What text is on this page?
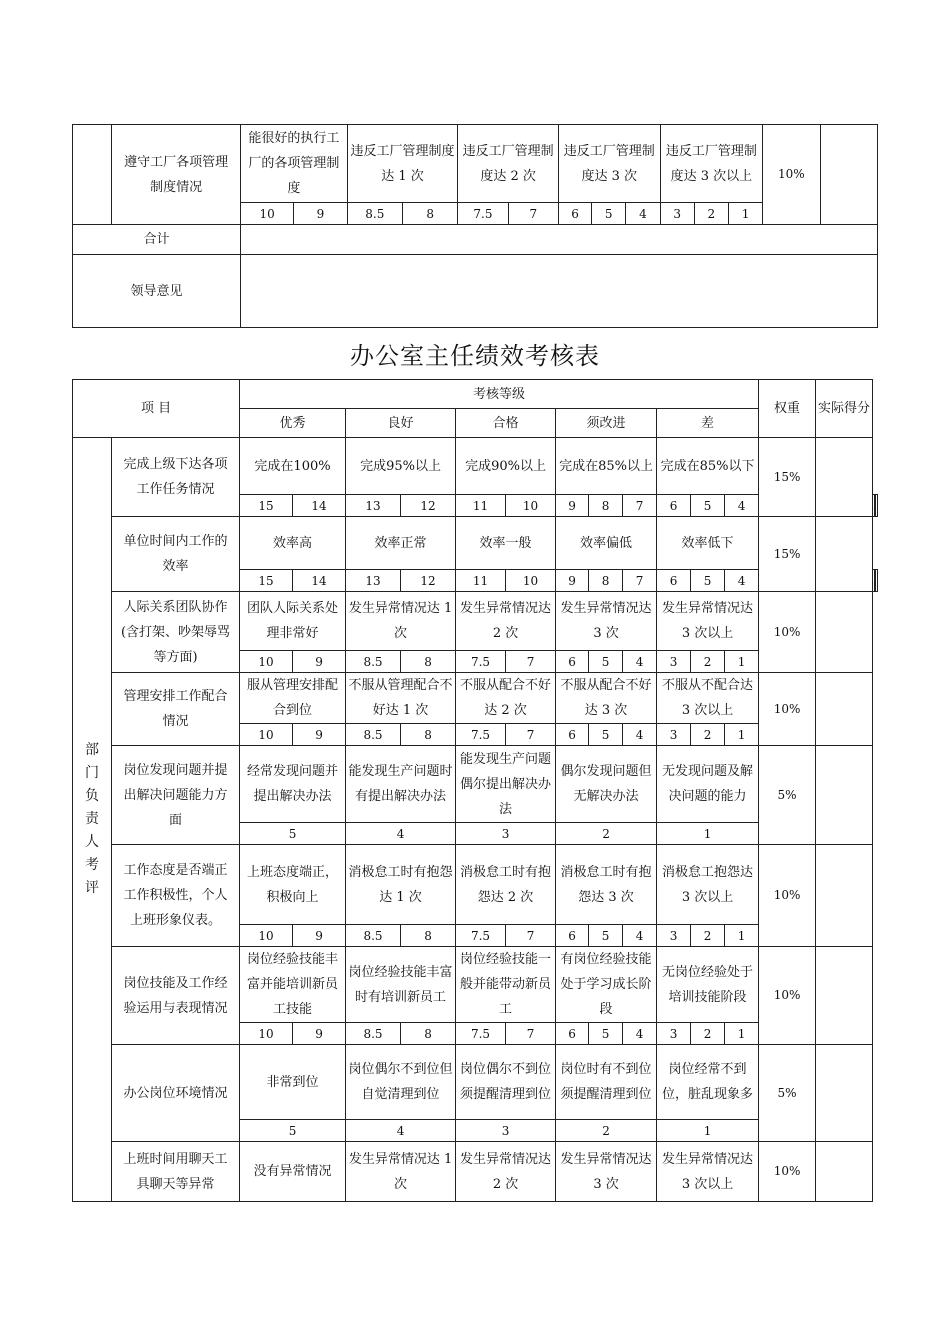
	遵守工厂各项管理制度情况	能很好的执行工厂的各项管理制度		违反工厂管理制度达 1 次		违反工厂管理制度达 2 次		违反工厂管理制度达 3 次			违反工厂管理制度达 3 次以上			10%	
		10	9	8.5	8	7.5	7	6	5	4	3	2	1		
合计															
领导意见															
办公室主任绩效考核表
项 目		考核等级												权重	实际得分		
		优秀		良好		合格		须改进			差						
部门负责人考评	完成上级下达各项工作任务情况	完成在100%		完成95%以上		完成90%以上		完成在85%以上			完成在85%以下			15%			
		15	14	13	12	11	10	9	8	7	6	5	4			
	单位时间内工作的效率	效率高		效率正常		效率一般		效率偏低			效率低下			15%			
		15	14	13	12	11	10	9	8	7	6	5	4			
	人际关系团队协作(含打架、吵架辱骂等方面)	团队人际关系处理非常好		发生异常情况达 1 次		发生异常情况达 2 次		发生异常情况达 3 次			发生异常情况达 3 次以上			10%			
		10	9	8.5	8	7.5	7	6	5	4	3	2	1				
	管理安排工作配合情况	服从管理安排配合到位		不服从管理配合不好达 1 次		不服从配合不好达 2 次		不服从配合不好达 3 次			不服从不配合达 3 次以上			10%			
		10	9	8.5	8	7.5	7	6	5	4	3	2	1				
	岗位发现问题并提出解决问题能力方面	经常发现问题并提出解决办法		能发现生产问题时有提出解决办法		能发现生产问题偶尔提出解决办法		偶尔发现问题但无解决办法			无发现问题及解决问题的能力			5%			
		5		4		3		2			1						
	工作态度是否端正工作积极性，个人上班形象仪表。	上班态度端正，积极向上		消极怠工时有抱怨达 1 次		消极怠工时有抱怨达 2 次		消极怠工时有抱怨达 3 次			消极怠工抱怨达 3 次以上			10%			
		10	9	8.5	8	7.5	7	6	5	4	3	2	1				
	岗位技能及工作经验运用与表现情况	岗位经验技能丰富并能培训新员工技能		岗位经验技能丰富时有培训新员工		岗位经验技能一般并能带动新员工		有岗位经验技能处于学习成长阶段			无岗位经验处于培训技能阶段			10%			
		10	9	8.5	8	7.5	7	6	5	4	3	2	1				
	办公岗位环境情况	非常到位		岗位偶尔不到位但自觉清理到位		岗位偶尔不到位须提醒清理到位		岗位时有不到位须提醒清理到位			岗位经常不到位，脏乱现象多			5%			
		5		4		3		2			1						
	上班时间用聊天工具聊天等异常	没有异常情况		发生异常情况达 1 次		发生异常情况达 2 次		发生异常情况达 3 次			发生异常情况达 3 次以上			10%			
